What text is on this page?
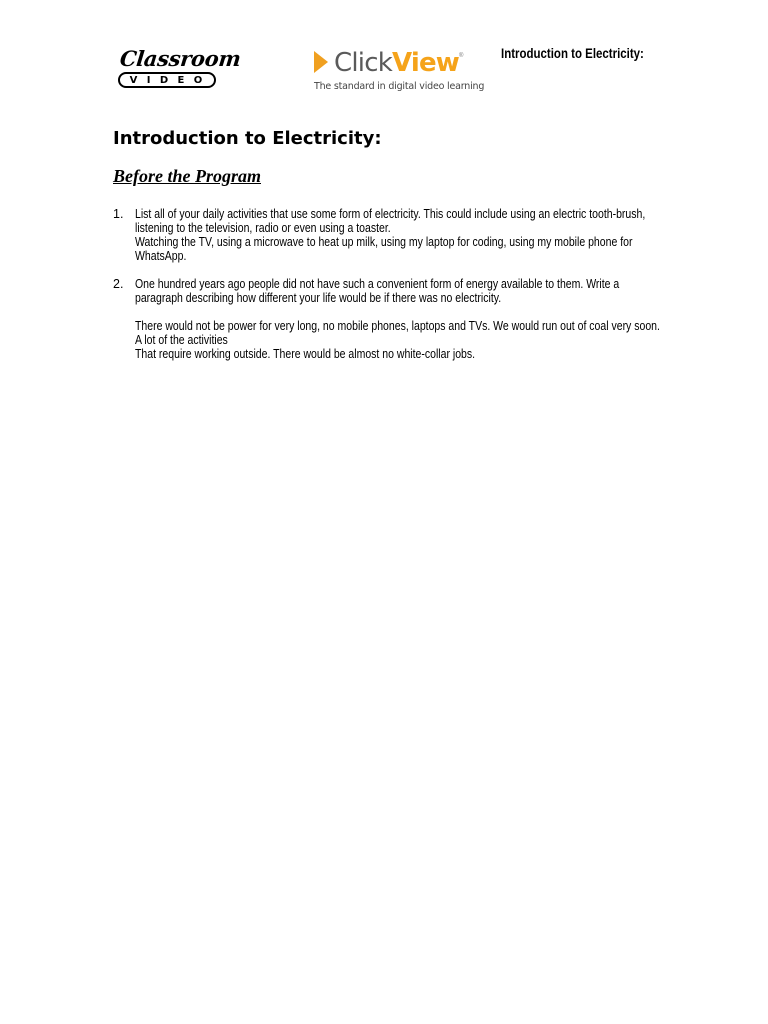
Classroom
V I D E O
ClickView ®
The standard in digital video learning
Introduction to Electricity:
Introduction to Electricity:
Before the Program
1. List all of your daily activities that use some form of electricity. This could include using an electric tooth-brush,
listening to the television, radio or even using a toaster.
Watching the TV, using a microwave to heat up milk, using my laptop for coding, using my mobile phone for
WhatsApp.
2. One hundred years ago people did not have such a convenient form of energy available to them. Write a
paragraph describing how different your life would be if there was no electricity.
There would not be power for very long, no mobile phones, laptops and TVs. We would run out of coal very soon.
A lot of the activities
That require working outside. There would be almost no white-collar jobs.
